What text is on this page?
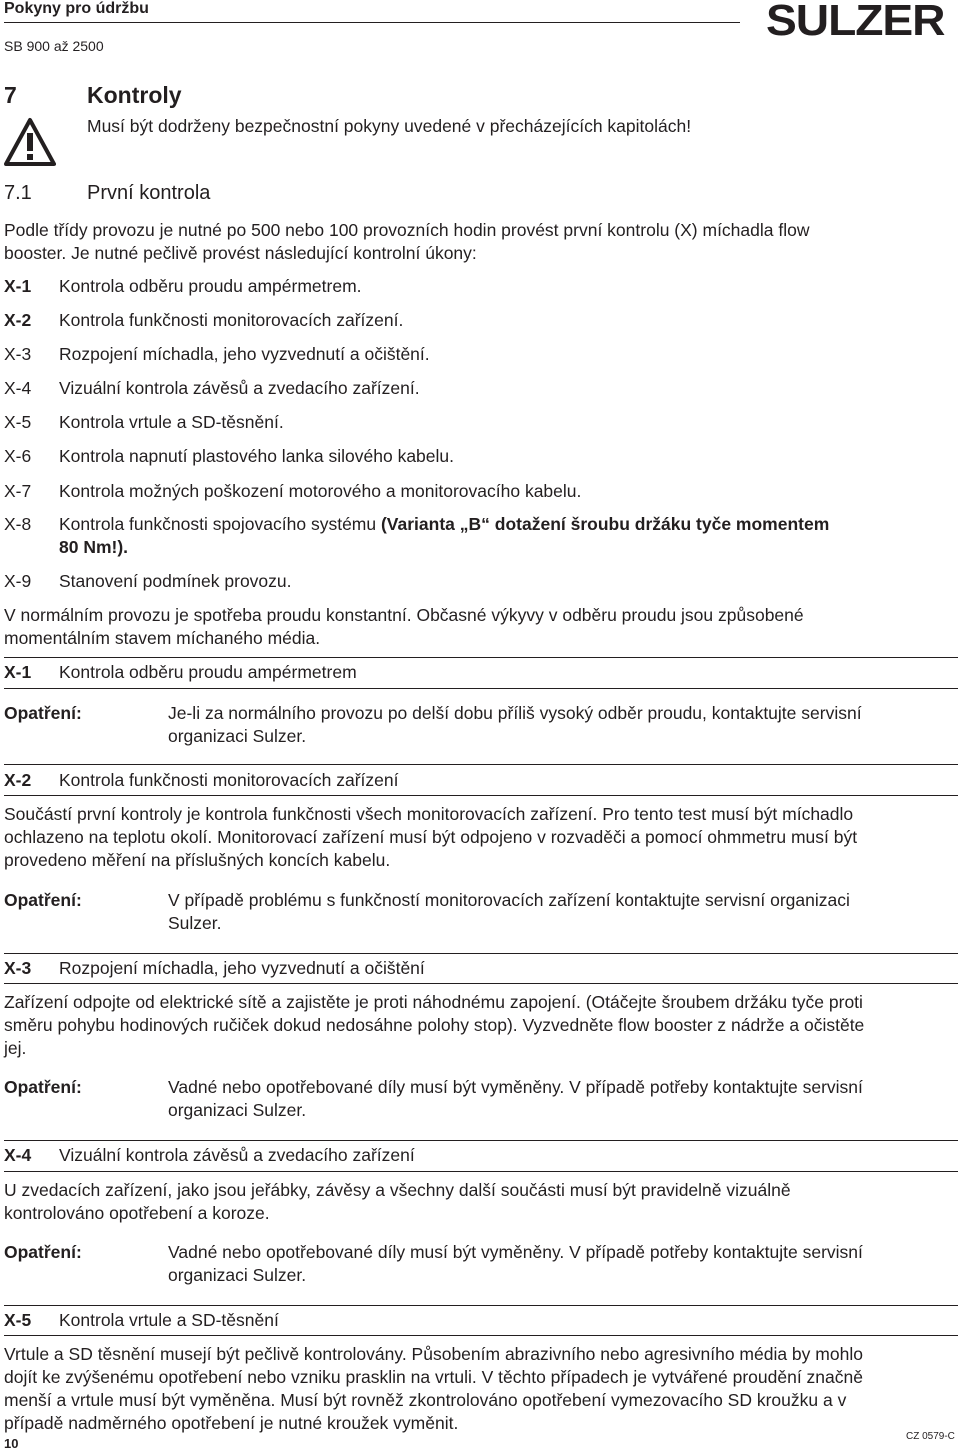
Pokyny pro údržbu
SB 900 až 2500
SULZER
7	Kontroly
Musí být dodrženy bezpečnostní pokyny uvedené v přecházejících kapitolách!
7.1	První kontrola
Podle třídy provozu je nutné po 500 nebo 100 provozních hodin provést první kontrolu (X) míchadla flow
booster. Je nutné pečlivě provést následující kontrolní úkony:
X-1	Kontrola odběru proudu ampérmetrem.
X-2	Kontrola funkčnosti monitorovacích zařízení.
X-3	Rozpojení míchadla, jeho vyzvednutí a očištění.
X-4	Vizuální kontrola závěsů a zvedacího zařízení.
X-5	Kontrola vrtule a SD-těsnění.
X-6	Kontrola napnutí plastového lanka silového kabelu.
X-7	Kontrola možných poškození motorového a monitorovacího kabelu.
X-8	Kontrola funkčnosti spojovacího systému (Varianta „B“ dotažení šroubu držáku tyče momentem
80 Nm!).
X-9	Stanovení podmínek provozu.
V normálním provozu je spotřeba proudu konstantní. Občasné výkyvy v odběru proudu jsou způsobené
momentálním stavem míchaného média.
X-1 Kontrola odběru proudu ampérmetrem
Opatření:	Je-li za normálního provozu po delší dobu příliš vysoký odběr proudu, kontaktujte servisní
organizaci Sulzer.
X-2 Kontrola funkčnosti monitorovacích zařízení
Součástí první kontroly je kontrola funkčnosti všech monitorovacích zařízení. Pro tento test musí být míchadlo
ochlazeno na teplotu okolí. Monitorovací zařízení musí být odpojeno v rozvaděči a pomocí ohmmetru musí být
provedeno měření na příslušných koncích kabelu.
Opatření:	V případě problému s funkčností monitorovacích zařízení kontaktujte servisní organizaci
Sulzer.
X-3 Rozpojení míchadla, jeho vyzvednutí a očištění
Zařízení odpojte od elektrické sítě a zajistěte je proti náhodnému zapojení. (Otáčejte šroubem držáku tyče proti
směru pohybu hodinových ručiček dokud nedosáhne polohy stop). Vyzvedněte flow booster z nádrže a očistěte
jej.
Opatření:	Vadné nebo opotřebované díly musí být vyměněny. V případě potřeby kontaktujte servisní
organizaci Sulzer.
X-4 Vizuální kontrola závěsů a zvedacího zařízení
U zvedacích zařízení, jako jsou jeřábky, závěsy a všechny další součásti musí být pravidelně vizuálně
kontrolováno opotřebení a koroze.
Opatření:	Vadné nebo opotřebované díly musí být vyměněny. V případě potřeby kontaktujte servisní
organizaci Sulzer.
X-5 Kontrola vrtule a SD-těsnění
Vrtule a SD těsnění musejí být pečlivě kontrolovány. Působením abrazivního nebo agresivního média by mohlo
dojít ke zvýšenému opotřebení nebo vzniku prasklin na vrtuli. V těchto případech je vytvářené proudění značně
menší a vrtule musí být vyměněna. Musí být rovněž zkontrolováno opotřebení vymezovacího SD kroužku a v
případě nadměrného opotřebení je nutné kroužek vyměnit.
10	CZ 0579-C
